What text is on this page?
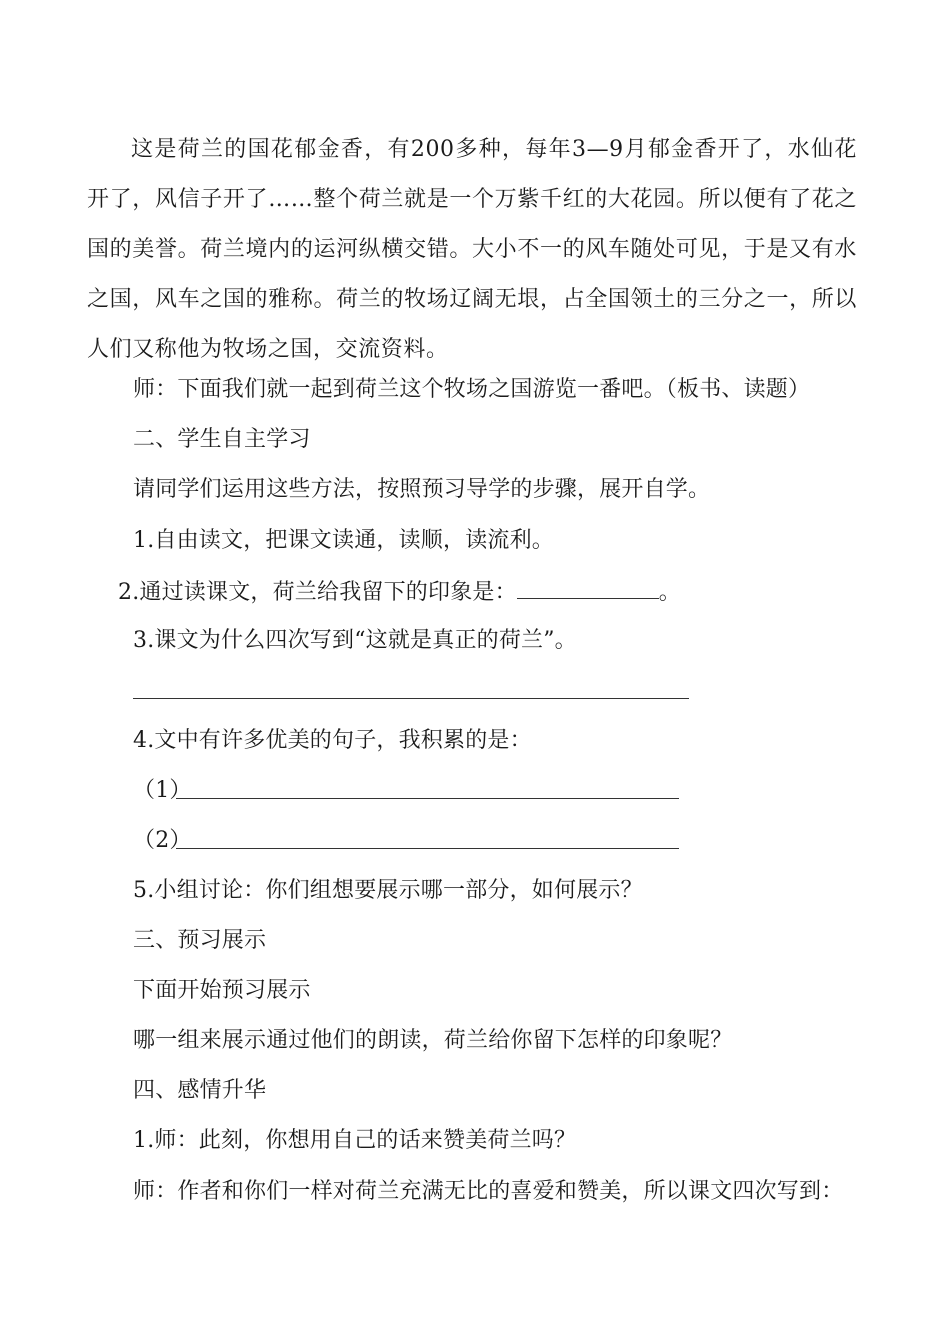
这是荷兰的国花郁金香，有200多种，每年3—9月郁金香开了，水仙花开了，风信子开了……整个荷兰就是一个万紫千红的大花园。所以便有了花之国的美誉。荷兰境内的运河纵横交错。大小不一的风车随处可见，于是又有水之国，风车之国的雅称。荷兰的牧场辽阔无垠，占全国领土的三分之一，所以人们又称他为牧场之国，交流资料。
师：下面我们就一起到荷兰这个牧场之国游览一番吧。（板书、读题）
二、学生自主学习
请同学们运用这些方法，按照预习导学的步骤，展开自学。
1.自由读文，把课文读通，读顺，读流利。
2.通过读课文，荷兰给我留下的印象是：	。
3.课文为什么四次写到“这就是真正的荷兰”。
4.文中有许多优美的句子，我积累的是：
（1）
（2）
5.小组讨论：你们组想要展示哪一部分，如何展示？
三、预习展示
下面开始预习展示
哪一组来展示通过他们的朗读，荷兰给你留下怎样的印象呢？
四、感情升华
1.师：此刻，你想用自己的话来赞美荷兰吗？
师：作者和你们一样对荷兰充满无比的喜爱和赞美，所以课文四次写到：
